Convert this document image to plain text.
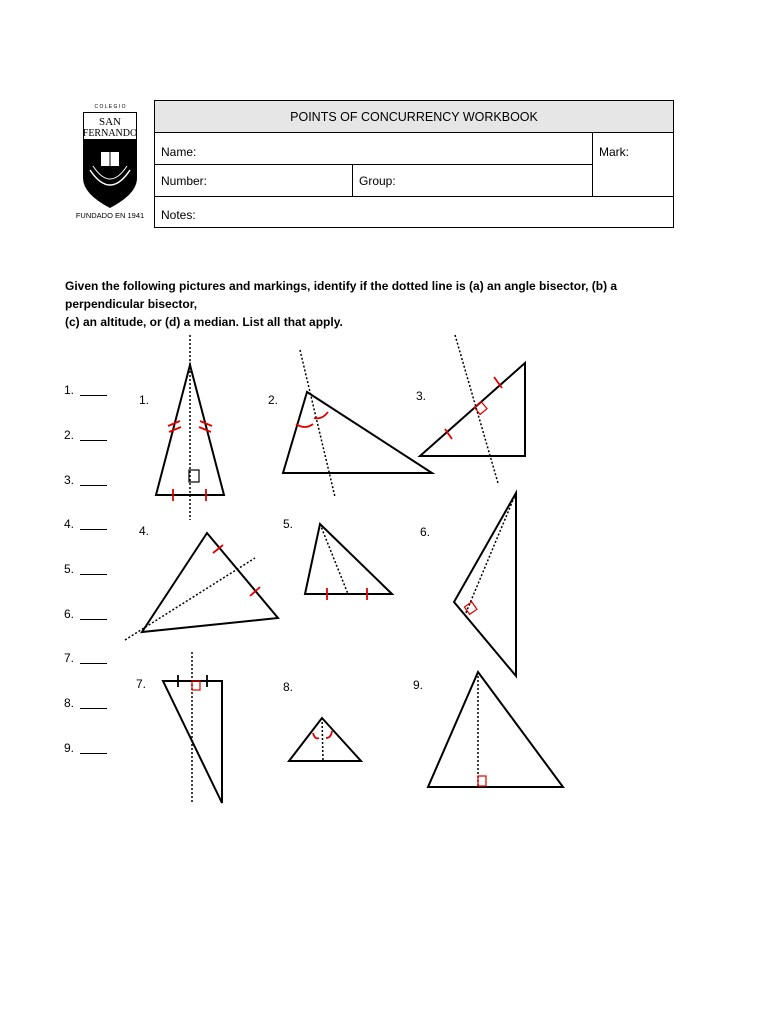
C O L E G I O
SAN
FERNANDO
FUNDADO EN 1941
POINTS OF CONCURRENCY WORKBOOK
Name:	Mark:
Number:	Group:
Notes:
Given the following pictures and markings, identify if the dotted line is (a) an angle bisector, (b) a perpendicular bisector,
(c) an altitude, or (d) a median. List all that apply.
1.
2.
3.
4.
5.
6.
7.
8.
9.
1.	2.	3.
4.	5.
6.
7.	8.	9.
